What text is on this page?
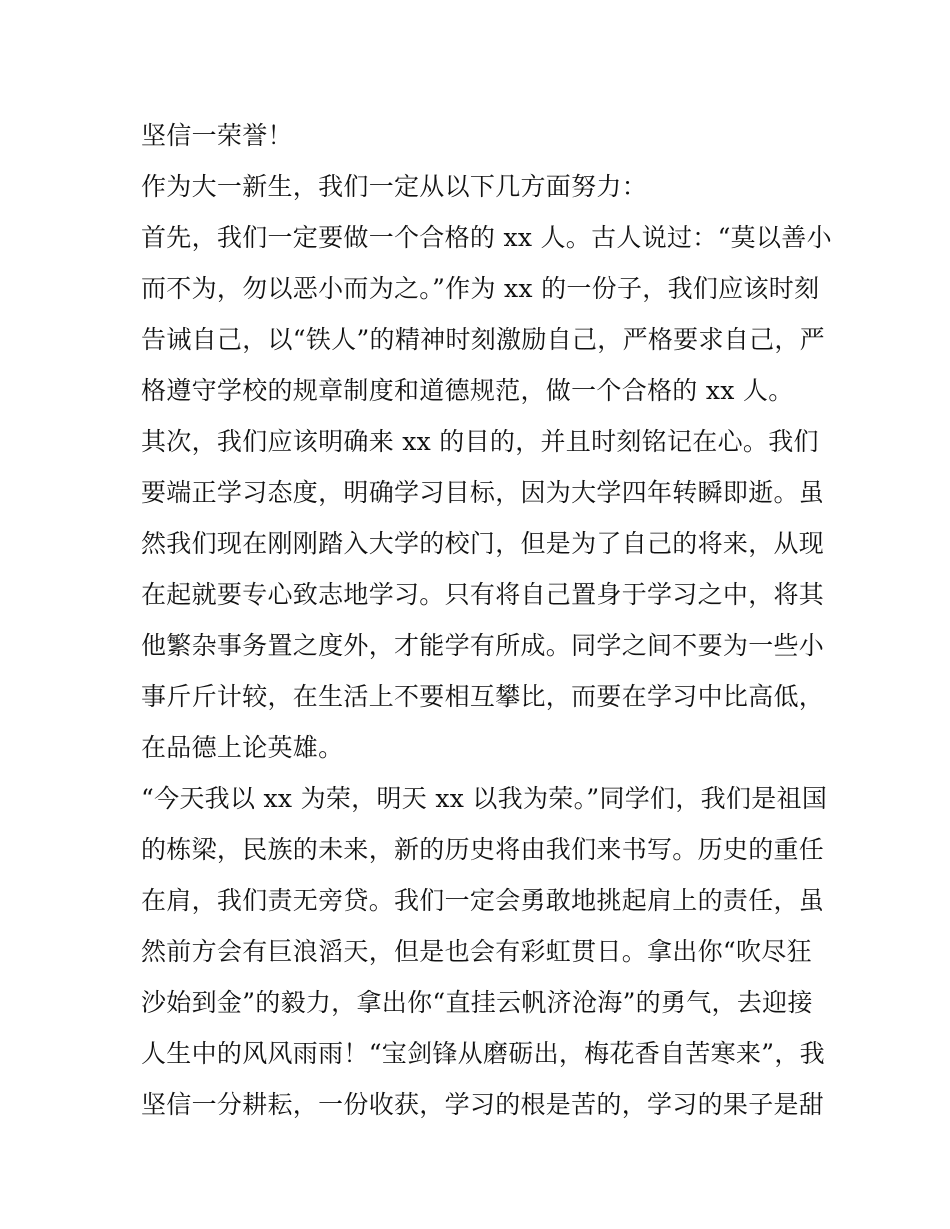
坚信一荣誉！
作为大一新生，我们一定从以下几方面努力：
首先，我们一定要做一个合格的 xx 人。古人说过：“莫以善小
而不为，勿以恶小而为之。”作为 xx 的一份子，我们应该时刻
告诫自己，以“铁人”的精神时刻激励自己，严格要求自己，严
格遵守学校的规章制度和道德规范，做一个合格的 xx 人。
其次，我们应该明确来 xx 的目的，并且时刻铭记在心。我们
要端正学习态度，明确学习目标，因为大学四年转瞬即逝。虽
然我们现在刚刚踏入大学的校门，但是为了自己的将来，从现
在起就要专心致志地学习。只有将自己置身于学习之中，将其
他繁杂事务置之度外，才能学有所成。同学之间不要为一些小
事斤斤计较，在生活上不要相互攀比，而要在学习中比高低，
在品德上论英雄。
“今天我以 xx 为荣，明天 xx 以我为荣。”同学们，我们是祖国
的栋梁，民族的未来，新的历史将由我们来书写。历史的重任
在肩，我们责无旁贷。我们一定会勇敢地挑起肩上的责任，虽
然前方会有巨浪滔天，但是也会有彩虹贯日。拿出你“吹尽狂
沙始到金”的毅力，拿出你“直挂云帆济沧海”的勇气，去迎接
人生中的风风雨雨！“宝剑锋从磨砺出，梅花香自苦寒来”，我
坚信一分耕耘，一份收获，学习的根是苦的，学习的果子是甜
